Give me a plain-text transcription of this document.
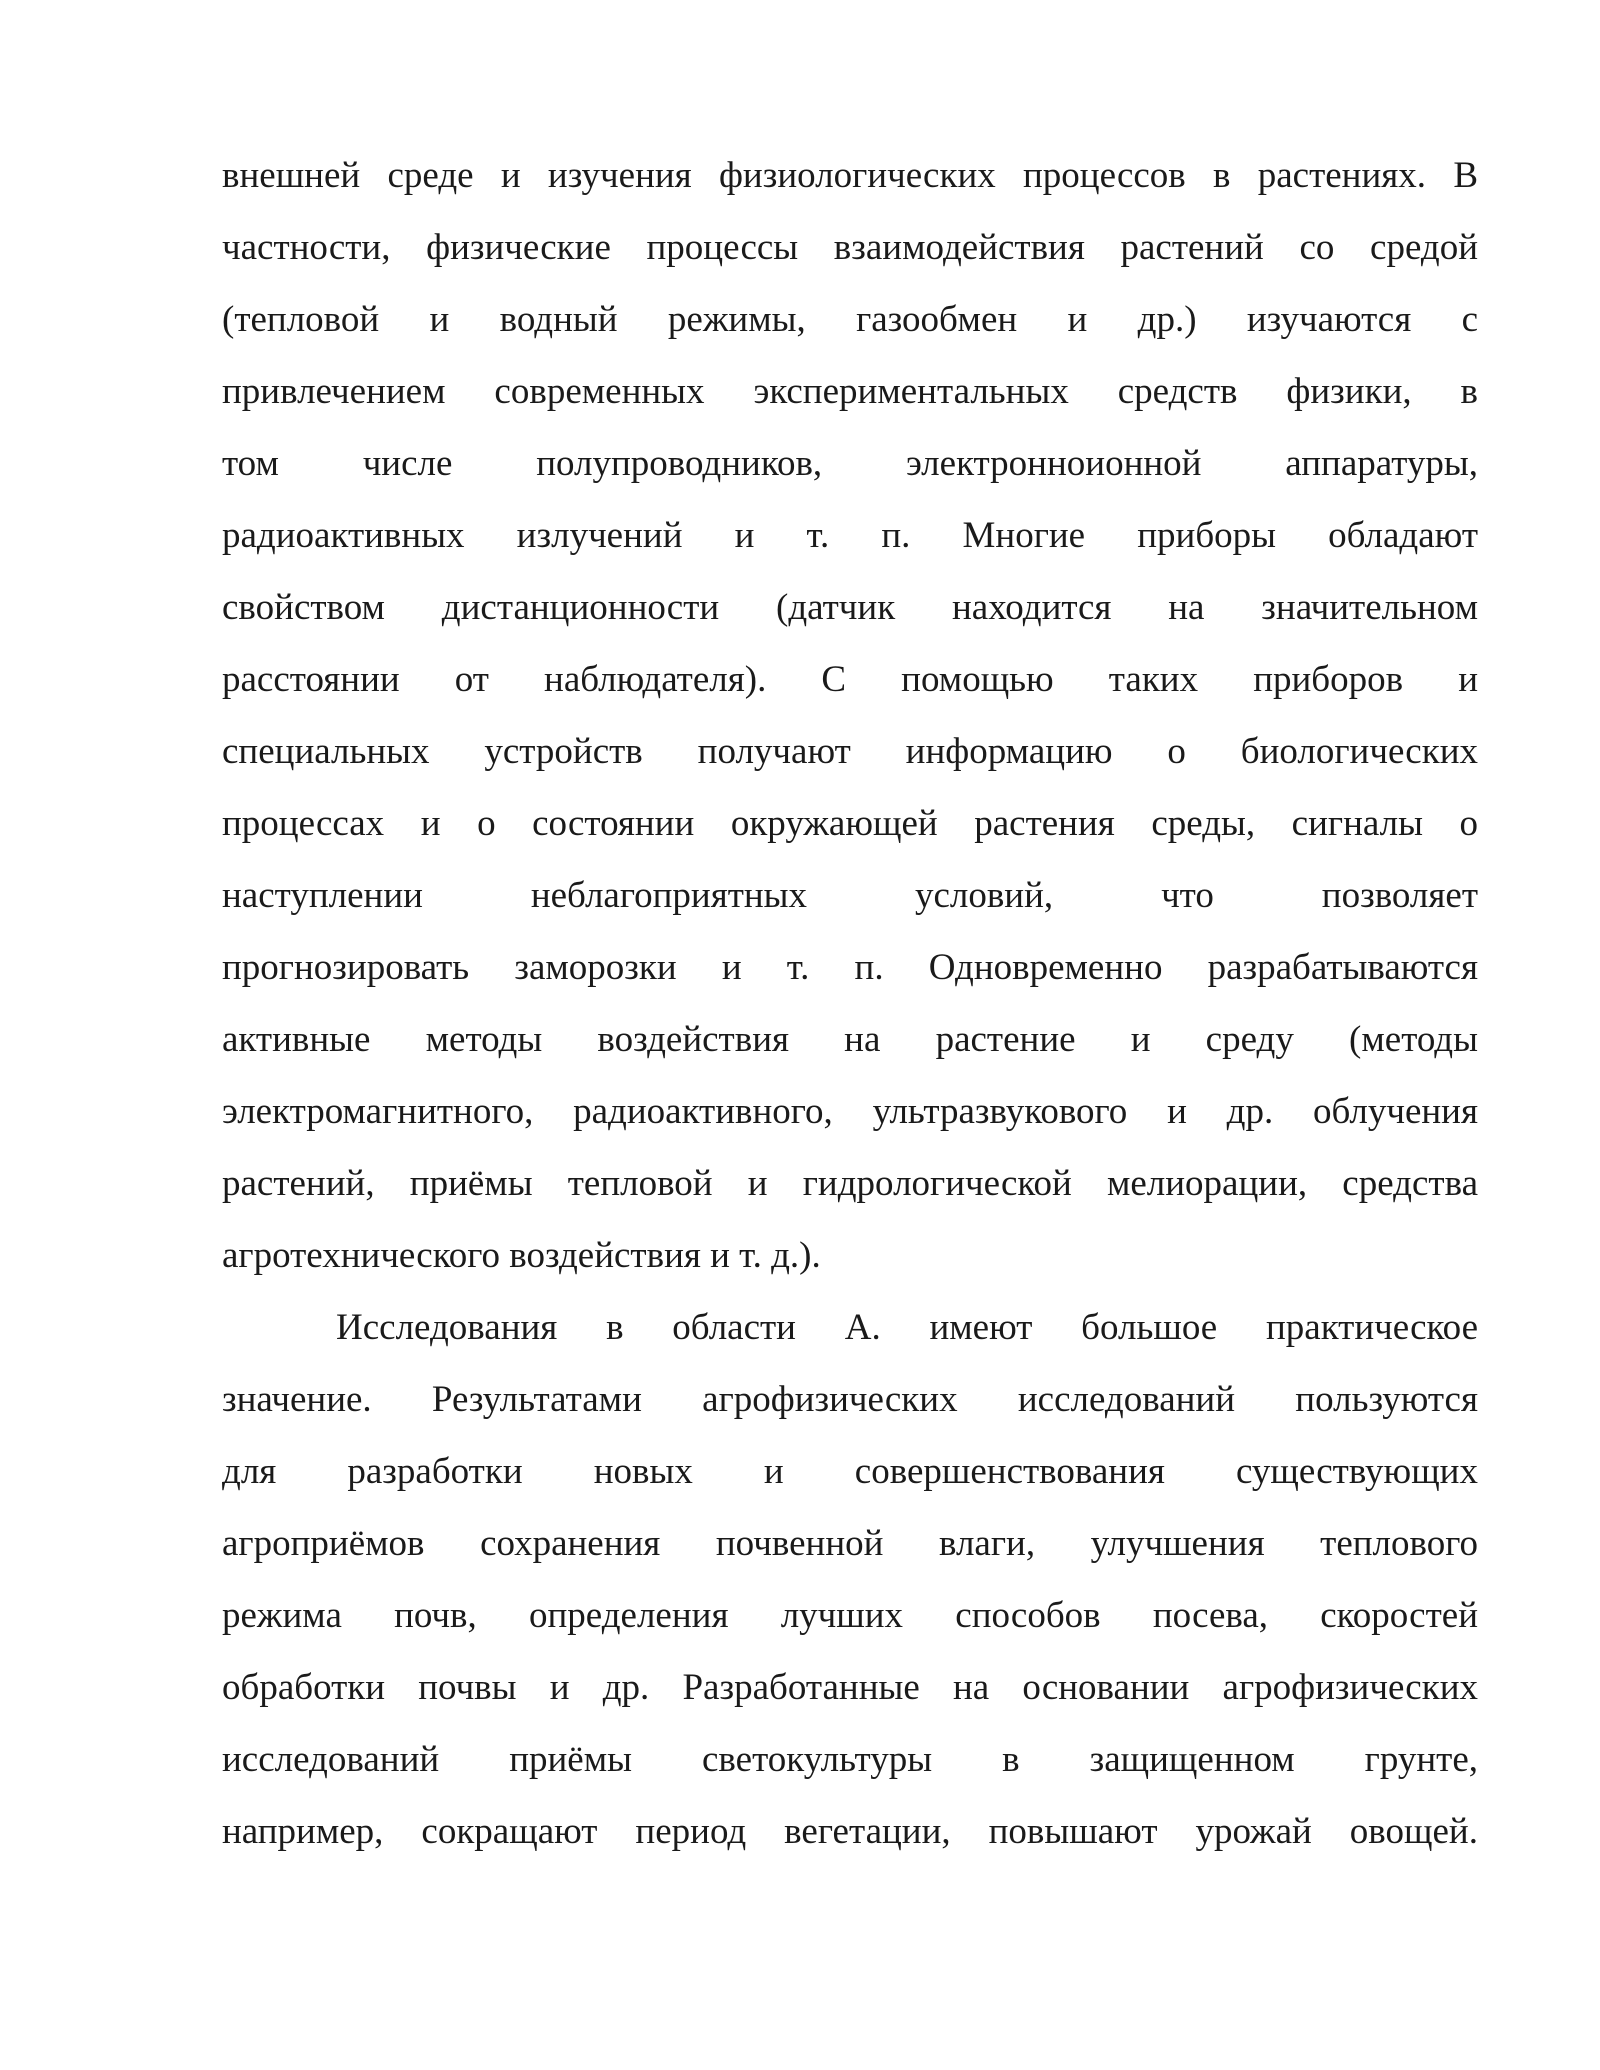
внешней среде и изучения физиологических процессов в растениях. В
частности, физические процессы взаимодействия растений со средой
(тепловой и водный режимы, газообмен и др.) изучаются с
привлечением современных экспериментальных средств физики, в
том числе полупроводников, электронноионной аппаратуры,
радиоактивных излучений и т. п. Многие приборы обладают
свойством дистанционности (датчик находится на значительном
расстоянии от наблюдателя). С помощью таких приборов и
специальных устройств получают информацию о биологических
процессах и о состоянии окружающей растения среды, сигналы о
наступлении неблагоприятных условий, что позволяет
прогнозировать заморозки и т. п. Одновременно разрабатываются
активные методы воздействия на растение и среду (методы
электромагнитного, радиоактивного, ультразвукового и др. облучения
растений, приёмы тепловой и гидрологической мелиорации, средства
агротехнического воздействия и т. д.).
Исследования в области А. имеют большое практическое
значение. Результатами агрофизических исследований пользуются
для разработки новых и совершенствования существующих
агроприёмов сохранения почвенной влаги, улучшения теплового
режима почв, определения лучших способов посева, скоростей
обработки почвы и др. Разработанные на основании агрофизических
исследований приёмы светокультуры в защищенном грунте,
например, сокращают период вегетации, повышают урожай овощей.
